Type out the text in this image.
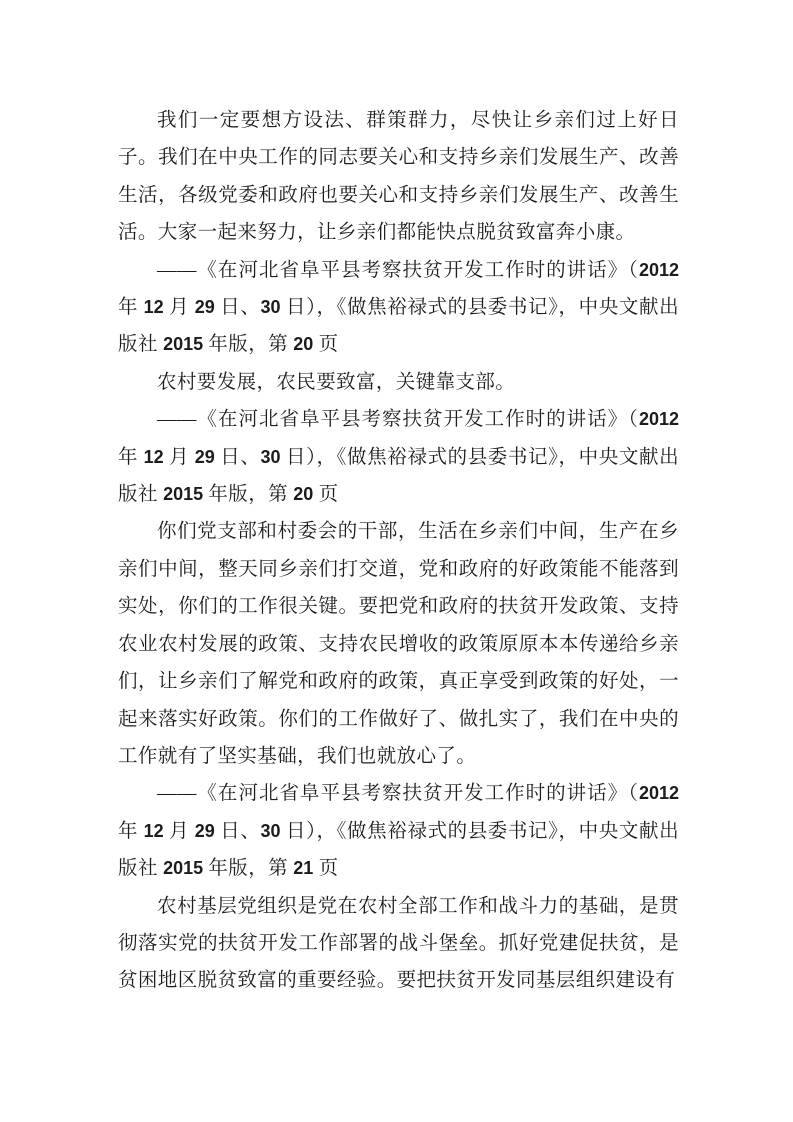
我们一定要想方设法、群策群力，尽快让乡亲们过上好日子。我们在中央工作的同志要关心和支持乡亲们发展生产、改善生活，各级党委和政府也要关心和支持乡亲们发展生产、改善生活。大家一起来努力，让乡亲们都能快点脱贫致富奔小康。

——《在河北省阜平县考察扶贫开发工作时的讲话》（2012 年 12 月 29 日、30 日），《做焦裕禄式的县委书记》，中央文献出版社 2015 年版，第 20 页

农村要发展，农民要致富，关键靠支部。

——《在河北省阜平县考察扶贫开发工作时的讲话》（2012 年 12 月 29 日、30 日），《做焦裕禄式的县委书记》，中央文献出版社 2015 年版，第 20 页

你们党支部和村委会的干部，生活在乡亲们中间，生产在乡亲们中间，整天同乡亲们打交道，党和政府的好政策能不能落到实处，你们的工作很关键。要把党和政府的扶贫开发政策、支持农业农村发展的政策、支持农民增收的政策原原本本传递给乡亲们，让乡亲们了解党和政府的政策，真正享受到政策的好处，一起来落实好政策。你们的工作做好了、做扎实了，我们在中央的工作就有了坚实基础，我们也就放心了。

——《在河北省阜平县考察扶贫开发工作时的讲话》（2012 年 12 月 29 日、30 日），《做焦裕禄式的县委书记》，中央文献出版社 2015 年版，第 21 页

农村基层党组织是党在农村全部工作和战斗力的基础，是贯彻落实党的扶贫开发工作部署的战斗堡垒。抓好党建促扶贫，是贫困地区脱贫致富的重要经验。要把扶贫开发同基层组织建设有
